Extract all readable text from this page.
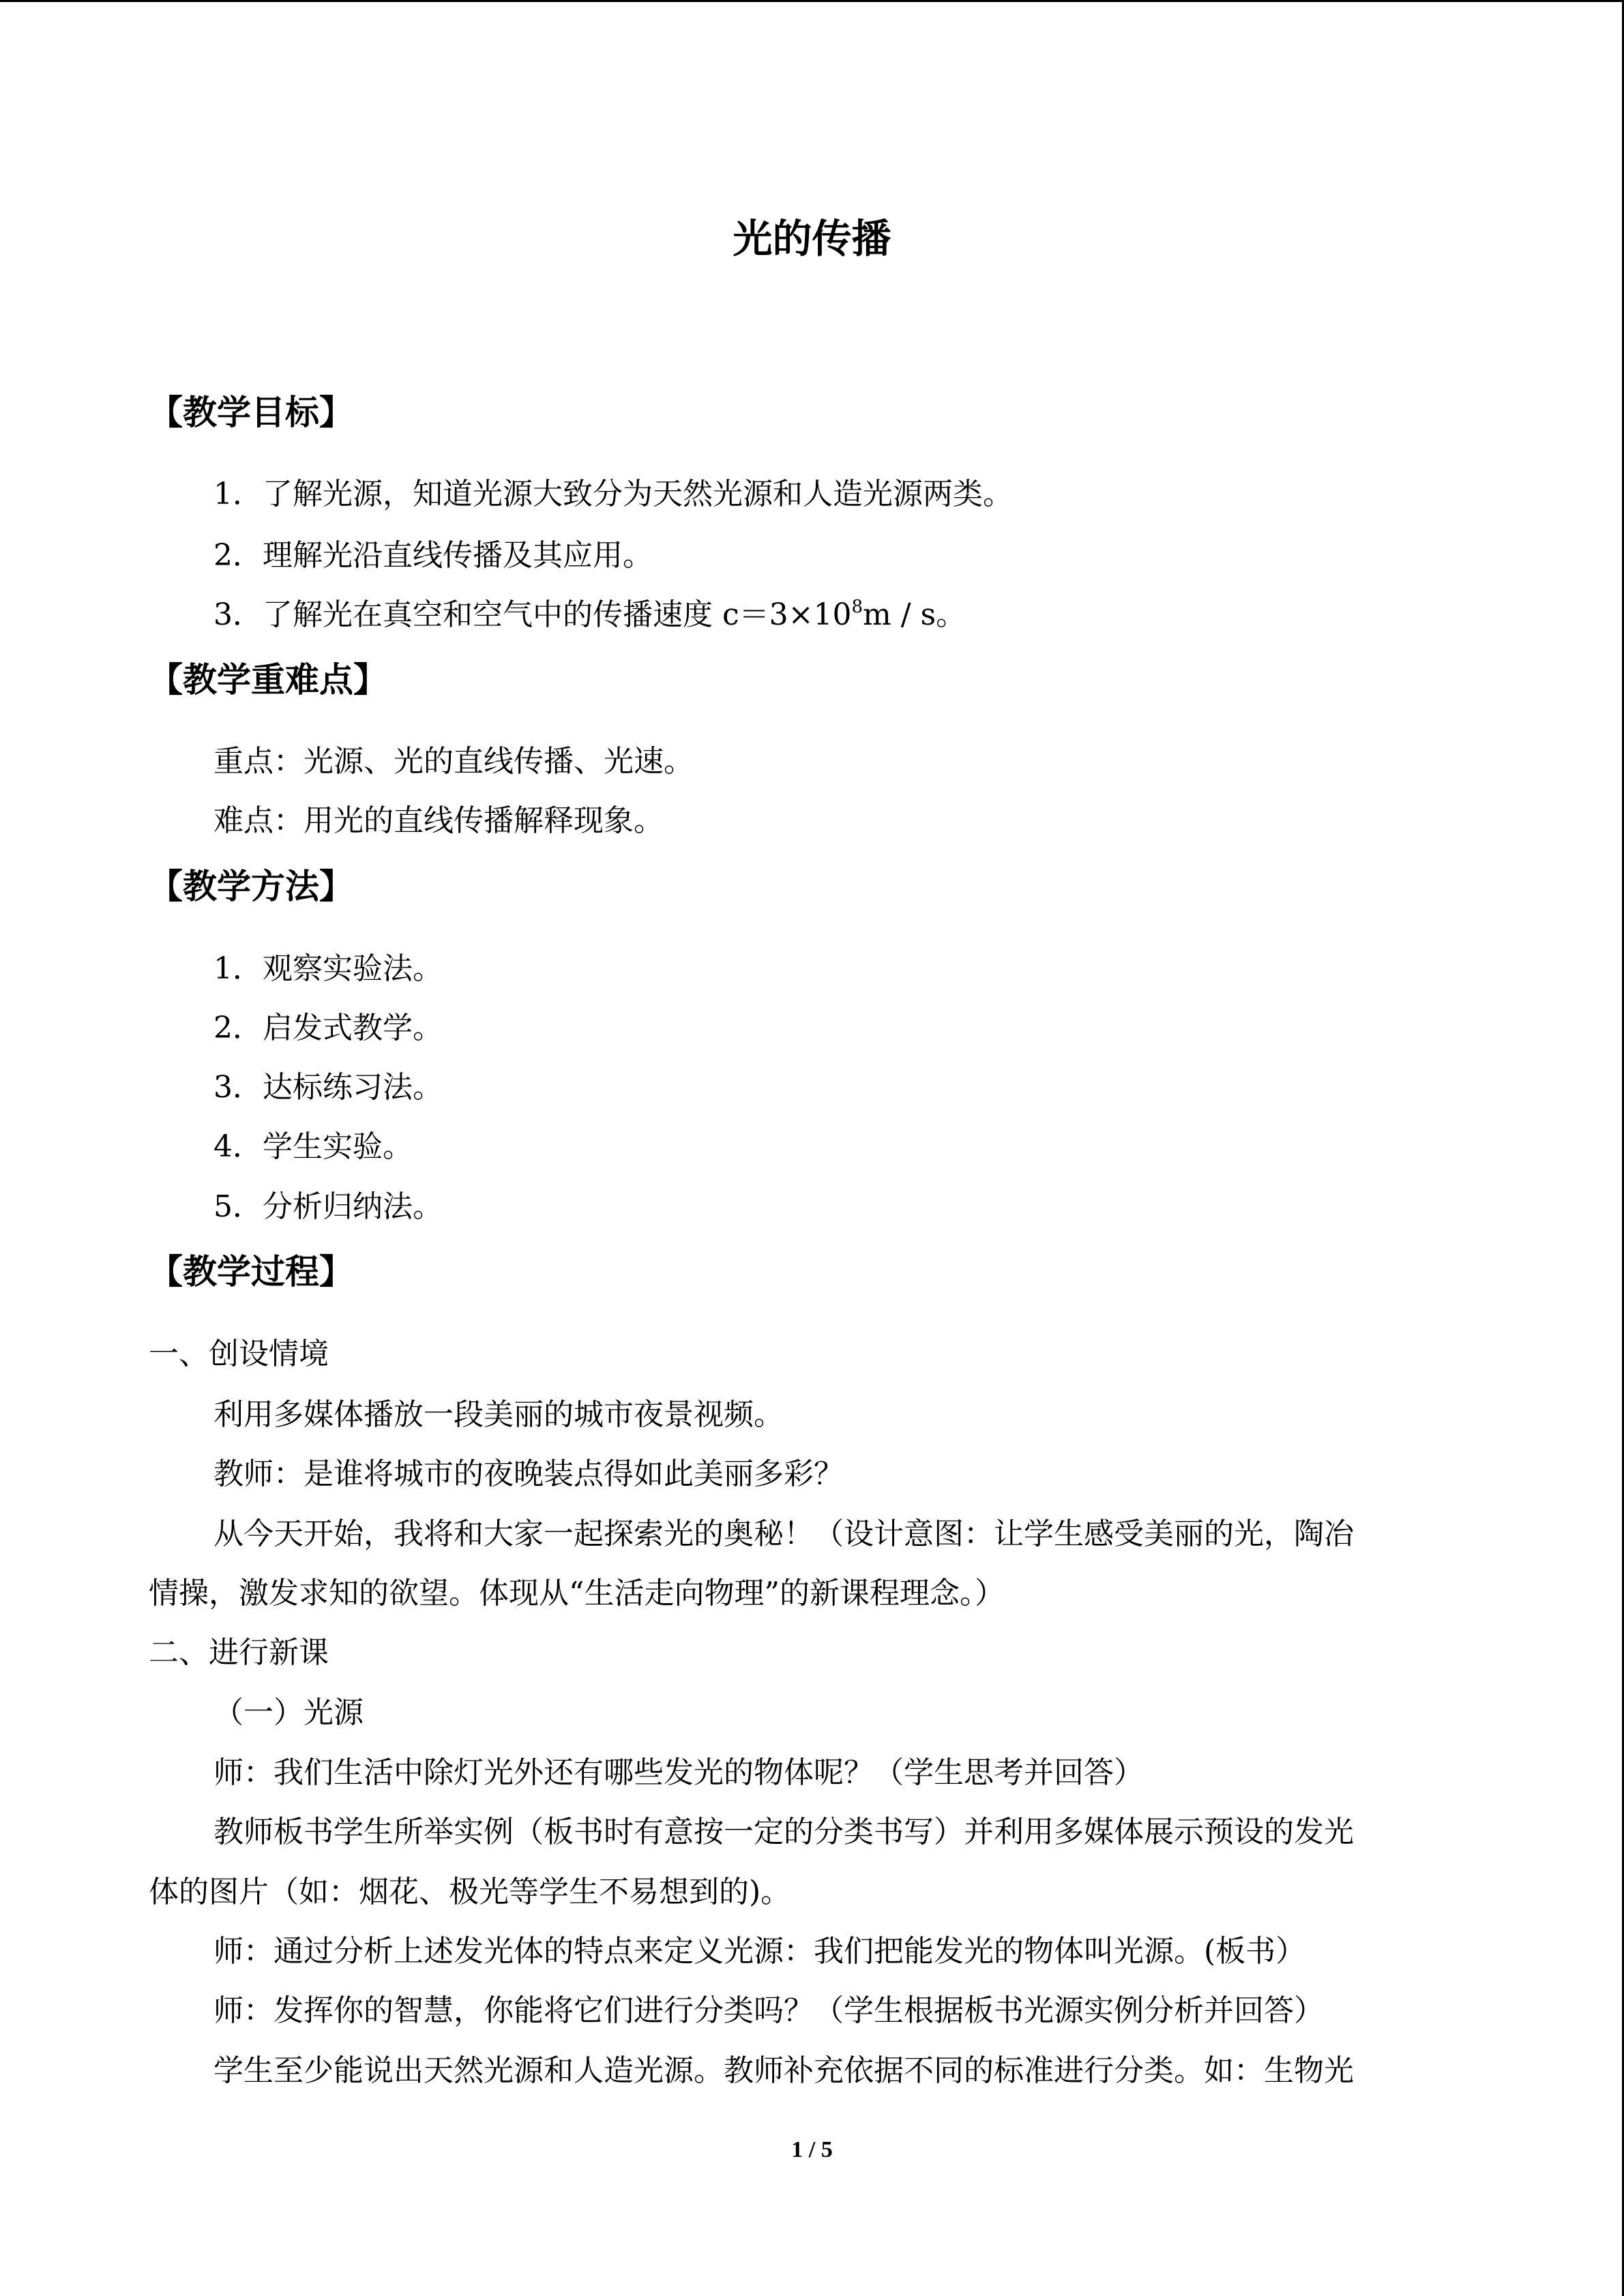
光的传播
【教学目标】
1．了解光源，知道光源大致分为天然光源和人造光源两类。
2．理解光沿直线传播及其应用。
3．了解光在真空和空气中的传播速度 $c=3\times 10^8m / s$。
【教学重难点】
重点：光源、光的直线传播、光速。
难点：用光的直线传播解释现象。
【教学方法】
1．观察实验法。
2．启发式教学。
3．达标练习法。
4．学生实验。
5．分析归纳法。
【教学过程】
一、创设情境
利用多媒体播放一段美丽的城市夜景视频。
教师：是谁将城市的夜晚装点得如此美丽多彩？
从今天开始，我将和大家一起探索光的奥秘！（设计意图：让学生感受美丽的光，陶冶
情操，激发求知的欲望。体现从“生活走向物理”的新课程理念。）
二、进行新课
（一）光源
师：我们生活中除灯光外还有哪些发光的物体呢？（学生思考并回答）
教师板书学生所举实例（板书时有意按一定的分类书写）并利用多媒体展示预设的发光
体的图片（如：烟花、极光等学生不易想到的)。
师：通过分析上述发光体的特点来定义光源：我们把能发光的物体叫光源。(板书）
师：发挥你的智慧，你能将它们进行分类吗？（学生根据板书光源实例分析并回答）
学生至少能说出天然光源和人造光源。教师补充依据不同的标准进行分类。如：生物光
1 / 5
